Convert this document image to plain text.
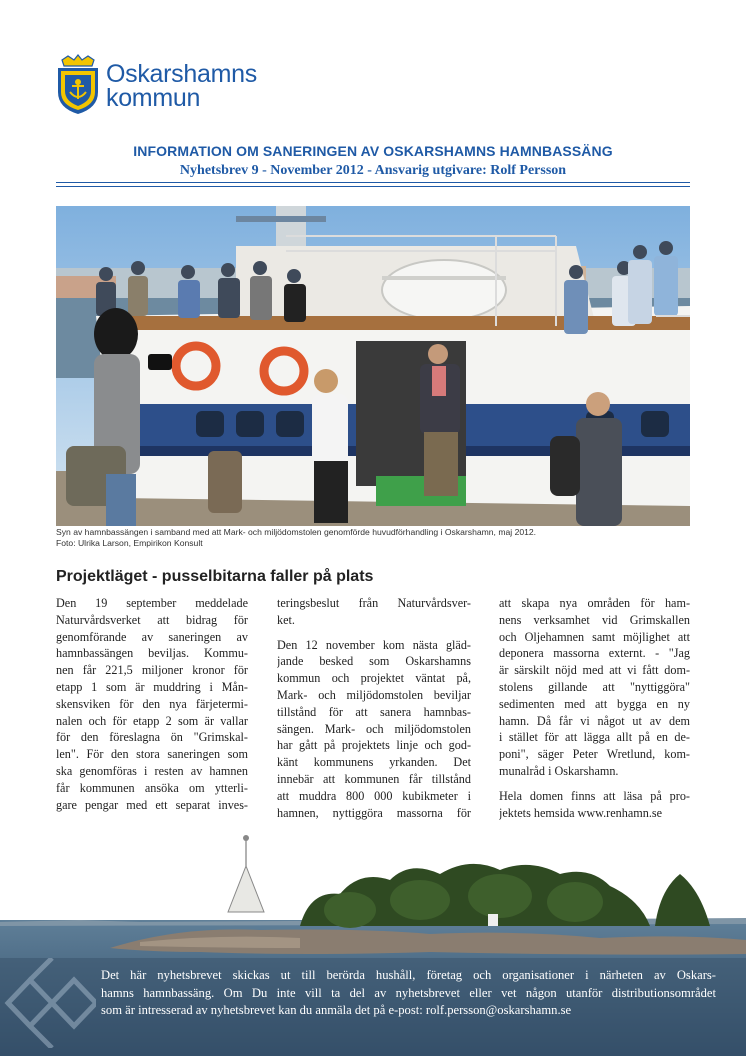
Oskarshamns
kommun
INFORMATION OM SANERINGEN AV OSKARSHAMNS HAMNBASSÄNG
Nyhetsbrev 9 - November 2012 - Ansvarig utgivare: Rolf Persson
Syn av hamnbassängen i samband med att Mark- och miljödomstolen genomförde huvudförhandling i Oskarshamn, maj 2012.
Foto: Ulrika Larson, Empirikon Konsult
Projektläget - pusselbitarna faller på plats
Den 19 september meddelade
Naturvårdsverket att bidrag för
genomförande av saneringen av
hamnbassängen beviljas. Kommu-
nen får 221,5 miljoner kronor för
etapp 1 som är muddring i Mån-
skensviken för den nya färjetermi-
nalen och för etapp 2 som är vallar
för den föreslagna ön "Grimskal-
len". För den stora saneringen som
ska genomföras i resten av hamnen
får kommunen ansöka om ytterli-
gare pengar med ett separat inves-
teringsbeslut från Naturvårdsver-
ket.
Den 12 november kom nästa gläd-
jande besked som Oskarshamns
kommun och projektet väntat på,
Mark- och miljödomstolen beviljar
tillstånd för att sanera hamnbas-
sängen. Mark- och miljödomstolen
har gått på projektets linje och god-
känt kommunens yrkanden. Det
innebär att kommunen får tillstånd
att muddra 800 000 kubikmeter i
hamnen, nyttiggöra massorna för
att skapa nya områden för ham-
nens verksamhet vid Grimskallen
och Oljehamnen samt möjlighet att
deponera massorna externt. - "Jag
är särskilt nöjd med att vi fått dom-
stolens gillande att "nyttiggöra"
sedimenten med att bygga en ny
hamn. Då får vi något ut av dem
i stället för att lägga allt på en de-
poni", säger Peter Wretlund, kom-
munalråd i Oskarshamn.
Hela domen finns att läsa på pro-
jektets hemsida www.renhamn.se
Det här nyhetsbrevet skickas ut till berörda hushåll, företag och organisationer i närheten av Oskars-
hamns hamnbassäng. Om Du inte vill ta del av nyhetsbrevet eller vet någon utanför distributionsområdet
som är intresserad av nyhetsbrevet kan du anmäla det på e-post: rolf.persson@oskarshamn.se
